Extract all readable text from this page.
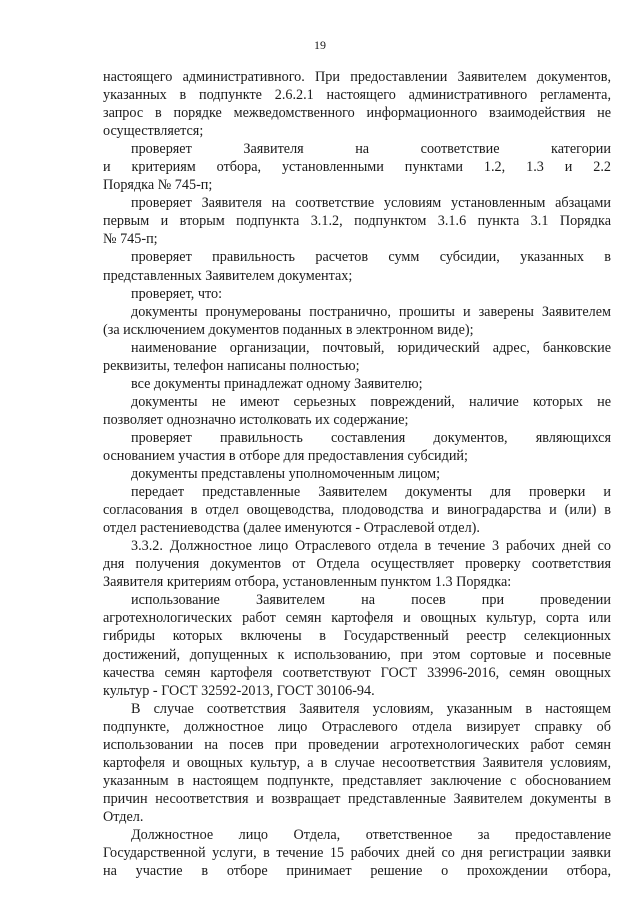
19
настоящего административного. При предоставлении Заявителем документов,
указанных в подпункте 2.6.2.1 настоящего административного регламента,
запрос в порядке межведомственного информационного взаимодействия не
осуществляется;
проверяет Заявителя на соответствие категории
и критериям отбора, установленными пунктами 1.2, 1.3 и 2.2
Порядка № 745-п;
проверяет Заявителя на соответствие условиям установленным абзацами
первым и вторым подпункта 3.1.2, подпунктом 3.1.6 пункта 3.1 Порядка
№ 745-п;
проверяет правильность расчетов сумм субсидии, указанных в
представленных Заявителем документах;
проверяет, что:
документы пронумерованы постранично, прошиты и заверены Заявителем
(за исключением документов поданных в электронном виде);
наименование организации, почтовый, юридический адрес, банковские
реквизиты, телефон написаны полностью;
все документы принадлежат одному Заявителю;
документы не имеют серьезных повреждений, наличие которых не
позволяет однозначно истолковать их содержание;
проверяет правильность составления документов, являющихся
основанием участия в отборе для предоставления субсидий;
документы представлены уполномоченным лицом;
передает представленные Заявителем документы для проверки и
согласования в отдел овощеводства, плодоводства и виноградарства и (или) в
отдел растениеводства (далее именуются - Отраслевой отдел).
3.3.2. Должностное лицо Отраслевого отдела в течение 3 рабочих дней со
дня получения документов от Отдела осуществляет проверку соответствия
Заявителя критериям отбора, установленным пунктом 1.3 Порядка:
использование Заявителем на посев при проведении
агротехнологических работ семян картофеля и овощных культур, сорта или
гибриды которых включены в Государственный реестр селекционных
достижений, допущенных к использованию, при этом сортовые и посевные
качества семян картофеля соответствуют ГОСТ 33996-2016, семян овощных
культур - ГОСТ 32592-2013, ГОСТ 30106-94.
В случае соответствия Заявителя условиям, указанным в настоящем
подпункте, должностное лицо Отраслевого отдела визирует справку об
использовании на посев при проведении агротехнологических работ семян
картофеля и овощных культур, а в случае несоответствия Заявителя условиям,
указанным в настоящем подпункте, представляет заключение с обоснованием
причин несоответствия и возвращает представленные Заявителем документы в
Отдел.
Должностное лицо Отдела, ответственное за предоставление
Государственной услуги, в течение 15 рабочих дней со дня регистрации заявки
на участие в отборе принимает решение о прохождении отбора,
